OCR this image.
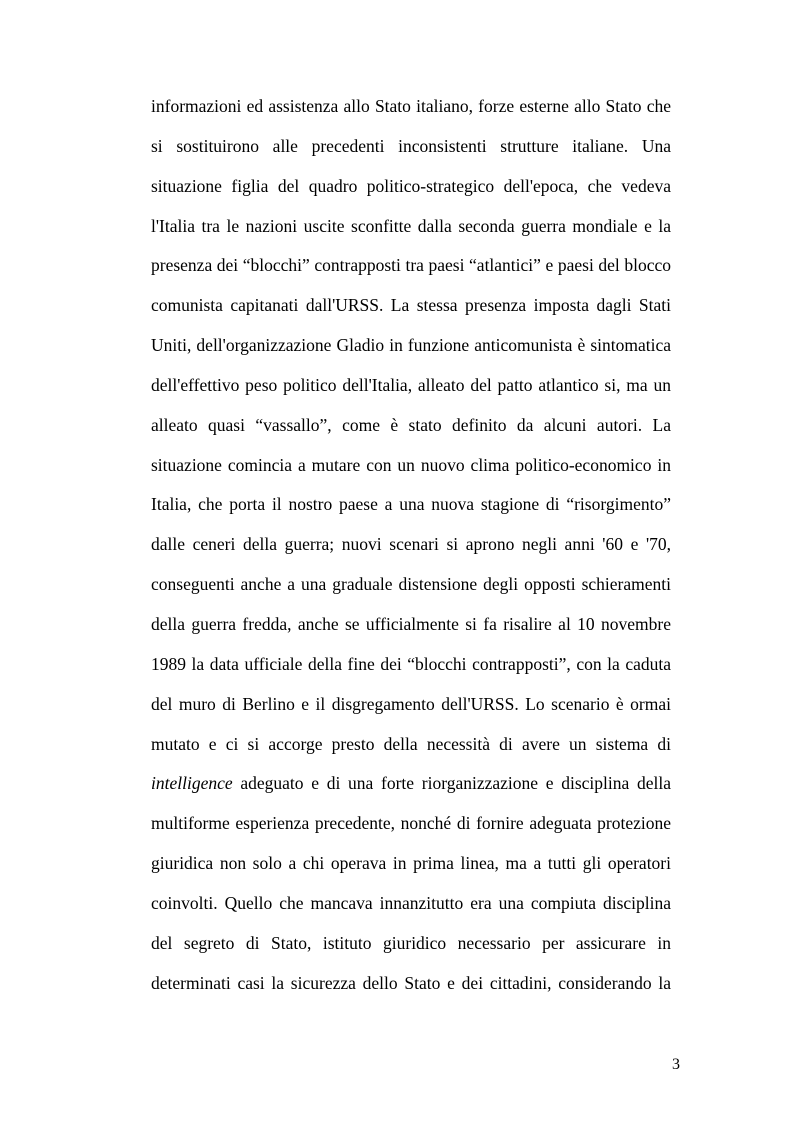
informazioni ed assistenza allo Stato italiano, forze esterne allo Stato che
si sostituirono alle precedenti inconsistenti strutture italiane. Una
situazione figlia del quadro politico-strategico dell'epoca, che vedeva
l'Italia tra le nazioni uscite sconfitte dalla seconda guerra mondiale e la
presenza dei “blocchi” contrapposti tra paesi “atlantici” e paesi del blocco
comunista capitanati dall'URSS. La stessa presenza imposta dagli Stati
Uniti, dell'organizzazione Gladio in funzione anticomunista è sintomatica
dell'effettivo peso politico dell'Italia, alleato del patto atlantico si, ma un
alleato quasi “vassallo”, come è stato definito da alcuni autori. La
situazione comincia a mutare con un nuovo clima politico-economico in
Italia, che porta il nostro paese a una nuova stagione di “risorgimento”
dalle ceneri della guerra; nuovi scenari si aprono negli anni '60 e '70,
conseguenti anche a una graduale distensione degli opposti schieramenti
della guerra fredda, anche se ufficialmente si fa risalire al 10 novembre
1989 la data ufficiale della fine dei “blocchi contrapposti”, con la caduta
del muro di Berlino e il disgregamento dell'URSS. Lo scenario è ormai
mutato e ci si accorge presto della necessità di avere un sistema di
intelligence adeguato e di una forte riorganizzazione e disciplina della
multiforme esperienza precedente, nonché di fornire adeguata protezione
giuridica non solo a chi operava in prima linea, ma a tutti gli operatori
coinvolti. Quello che mancava innanzitutto era una compiuta disciplina
del segreto di Stato, istituto giuridico necessario per assicurare in
determinati casi la sicurezza dello Stato e dei cittadini, considerando la
3
